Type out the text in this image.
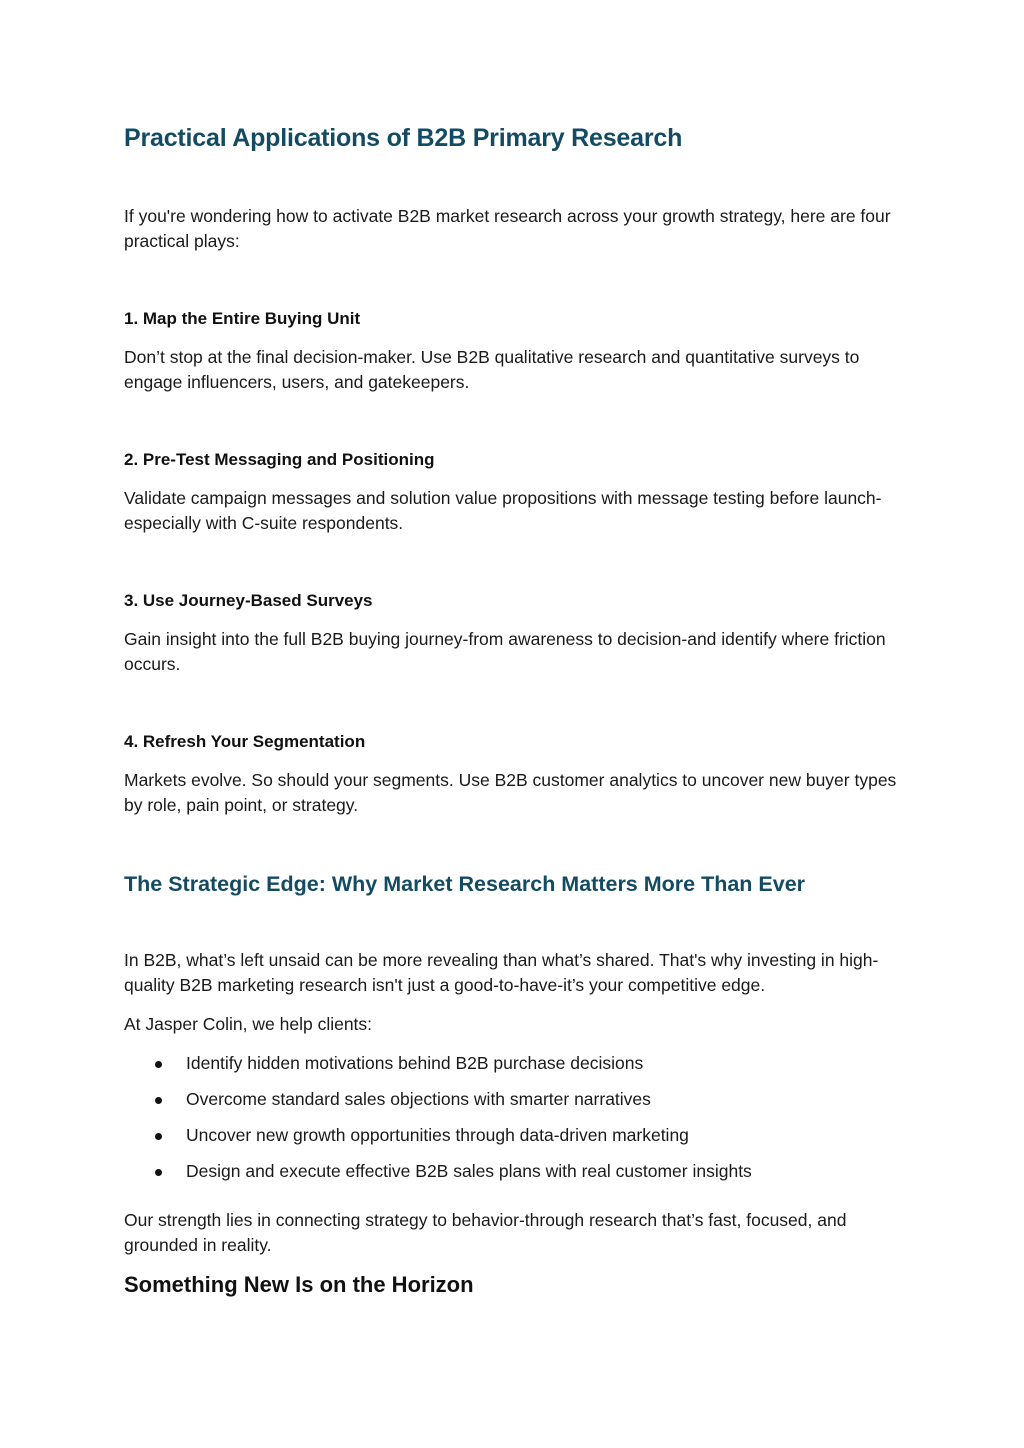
Practical Applications of B2B Primary Research

If you're wondering how to activate B2B market research across your growth strategy, here are four practical plays:

1. Map the Entire Buying Unit

Don’t stop at the final decision-maker. Use B2B qualitative research and quantitative surveys to engage influencers, users, and gatekeepers.

2. Pre-Test Messaging and Positioning

Validate campaign messages and solution value propositions with message testing before launch-especially with C-suite respondents.

3. Use Journey-Based Surveys

Gain insight into the full B2B buying journey-from awareness to decision-and identify where friction occurs.

4. Refresh Your Segmentation

Markets evolve. So should your segments. Use B2B customer analytics to uncover new buyer types by role, pain point, or strategy.

The Strategic Edge: Why Market Research Matters More Than Ever

In B2B, what’s left unsaid can be more revealing than what’s shared. That's why investing in high-quality B2B marketing research isn't just a good-to-have-it’s your competitive edge.

At Jasper Colin, we help clients:

Identify hidden motivations behind B2B purchase decisions
Overcome standard sales objections with smarter narratives
Uncover new growth opportunities through data-driven marketing
Design and execute effective B2B sales plans with real customer insights

Our strength lies in connecting strategy to behavior-through research that’s fast, focused, and grounded in reality.

Something New Is on the Horizon
